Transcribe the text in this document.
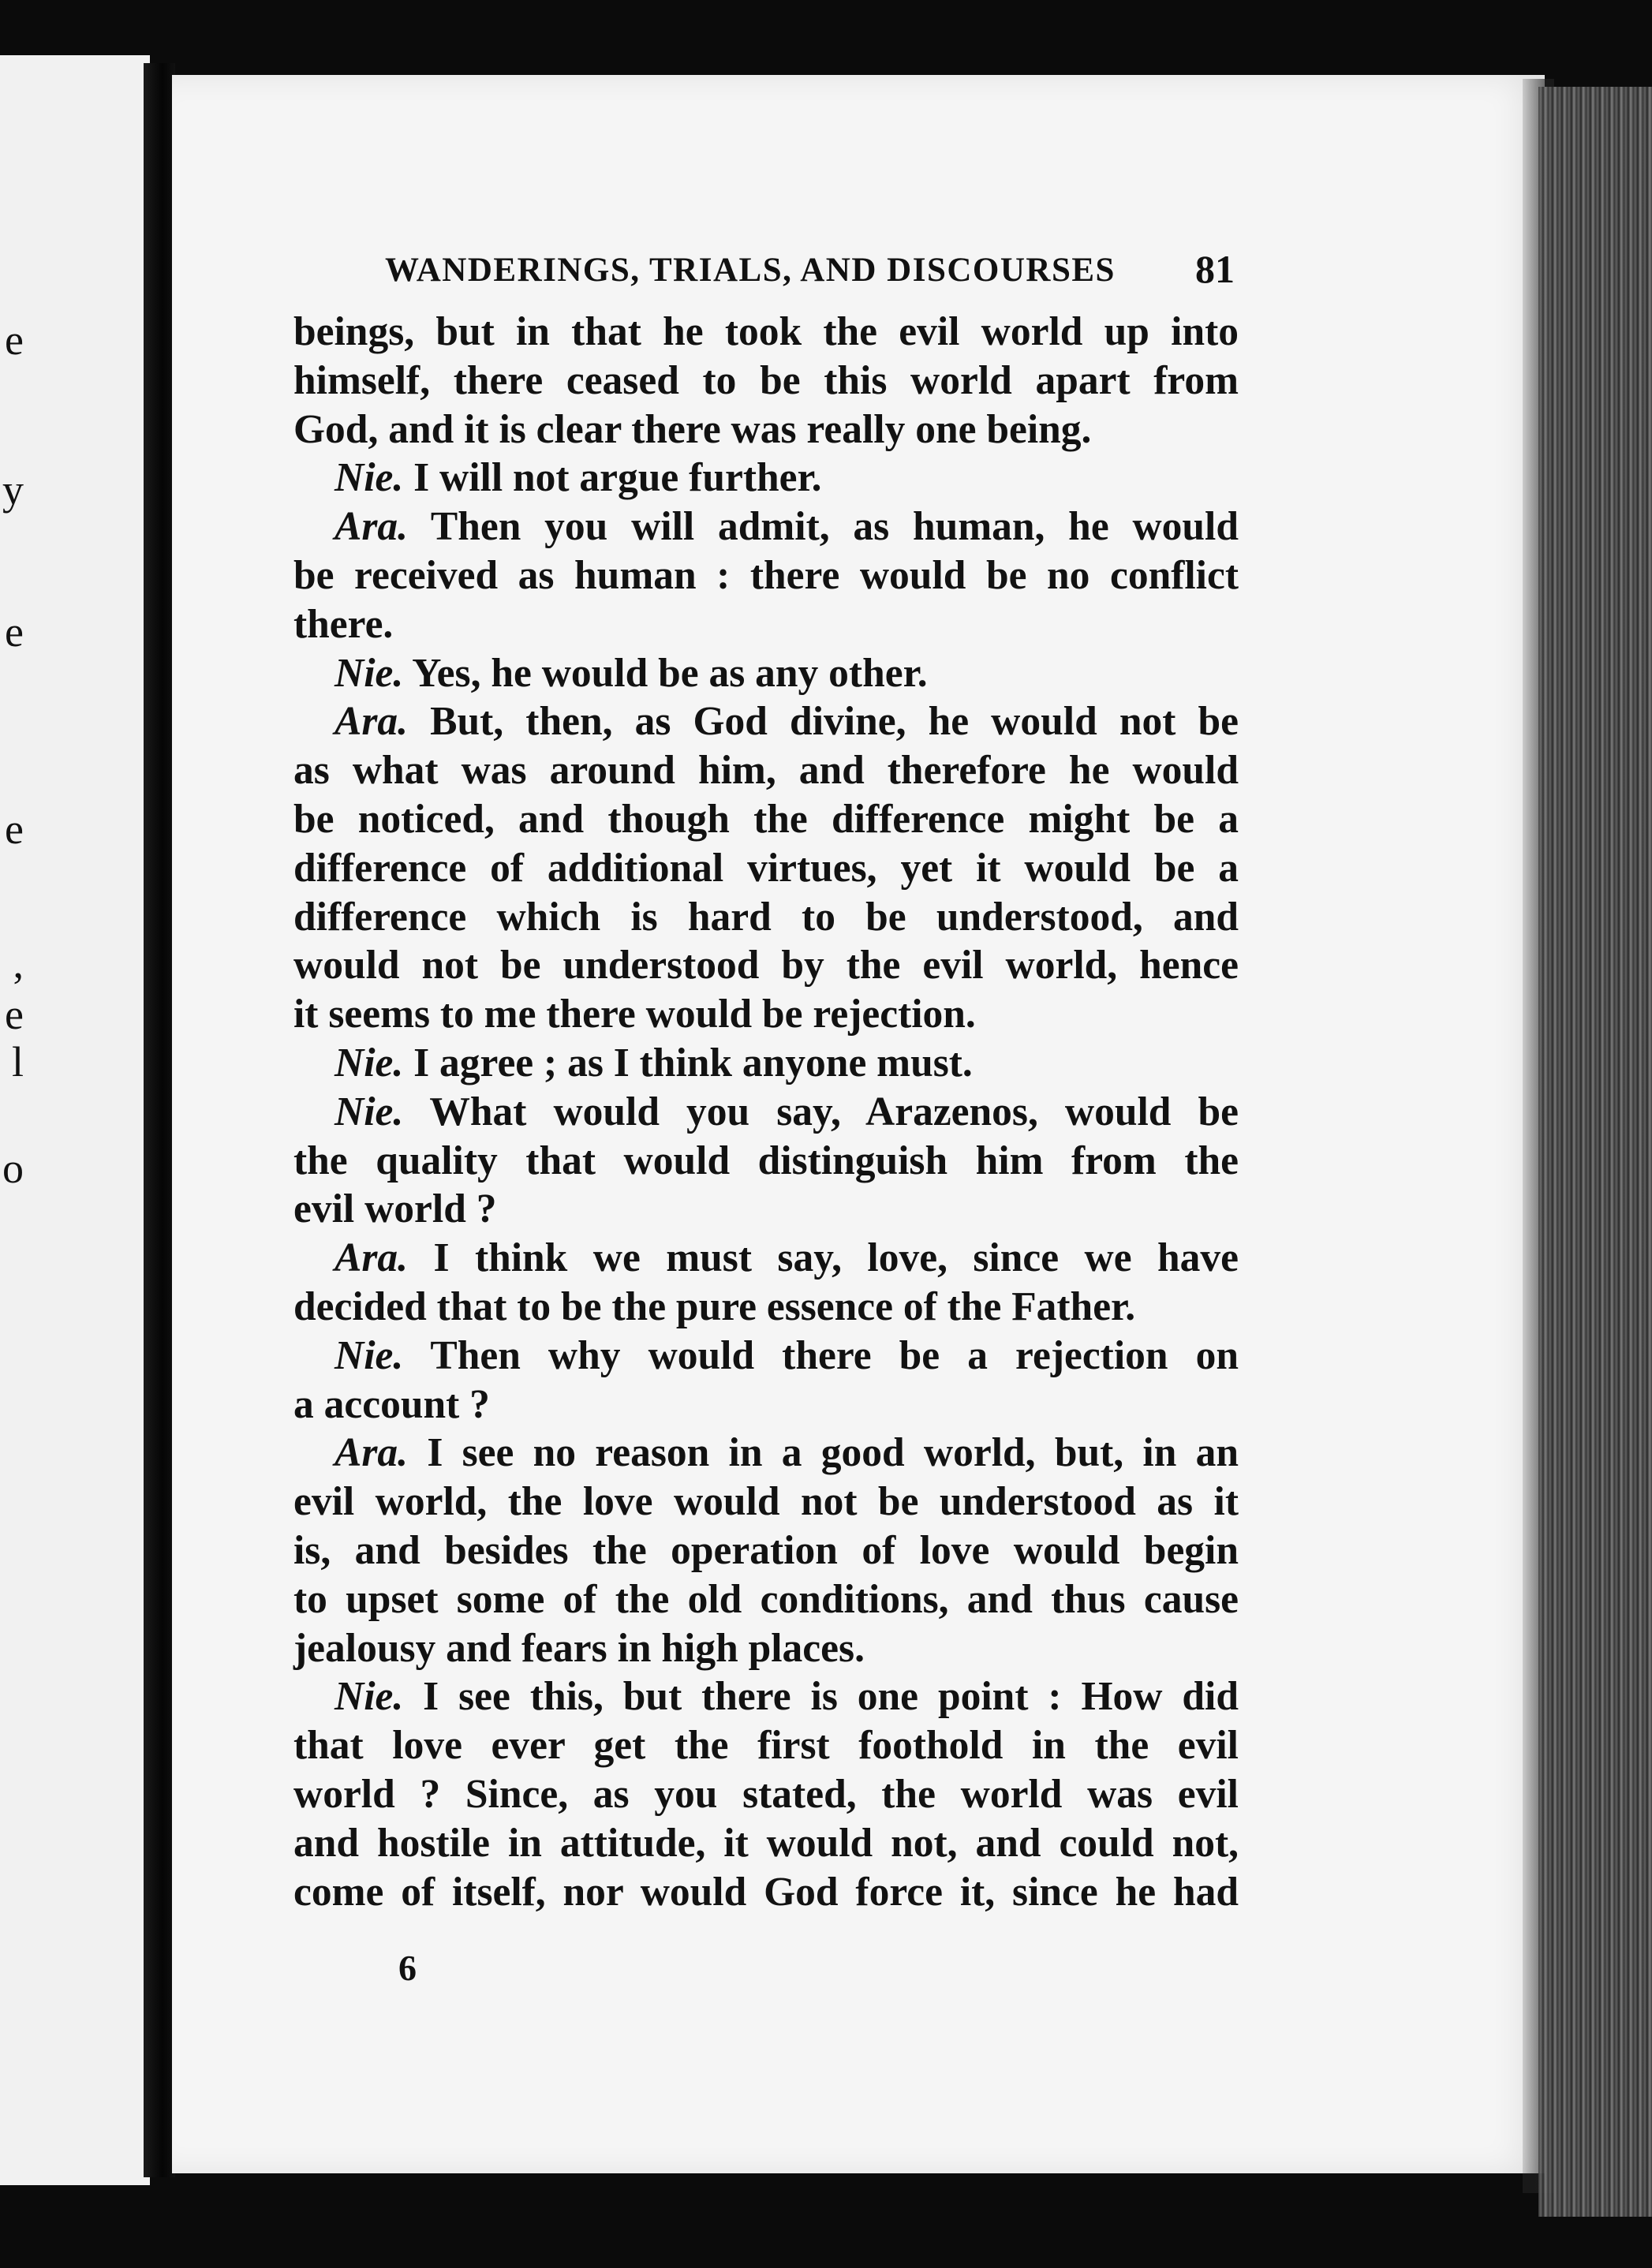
e
y
e
e
,
e
l
o
WANDERINGS, TRIALS, AND DISCOURSES	81
beings, but in that he took the evil world up into
himself, there ceased to be this world apart from
God, and it is clear there was really one being.
Nie. I will not argue further.
Ara. Then you will admit, as human, he would
be received as human : there would be no conflict
there.
Nie. Yes, he would be as any other.
Ara. But, then, as God divine, he would not be
as what was around him, and therefore he would
be noticed, and though the difference might be a
difference of additional virtues, yet it would be a
difference which is hard to be understood, and
would not be understood by the evil world, hence
it seems to me there would be rejection.
Nie. I agree ; as I think anyone must.
Nie. What would you say, Arazenos, would be
the quality that would distinguish him from the
evil world ?
Ara. I think we must say, love, since we have
decided that to be the pure essence of the Father.
Nie. Then why would there be a rejection on
a account ?
Ara. I see no reason in a good world, but, in an
evil world, the love would not be understood as it
is, and besides the operation of love would begin
to upset some of the old conditions, and thus cause
jealousy and fears in high places.
Nie. I see this, but there is one point : How did
that love ever get the first foothold in the evil
world ? Since, as you stated, the world was evil
and hostile in attitude, it would not, and could not,
come of itself, nor would God force it, since he had
6
